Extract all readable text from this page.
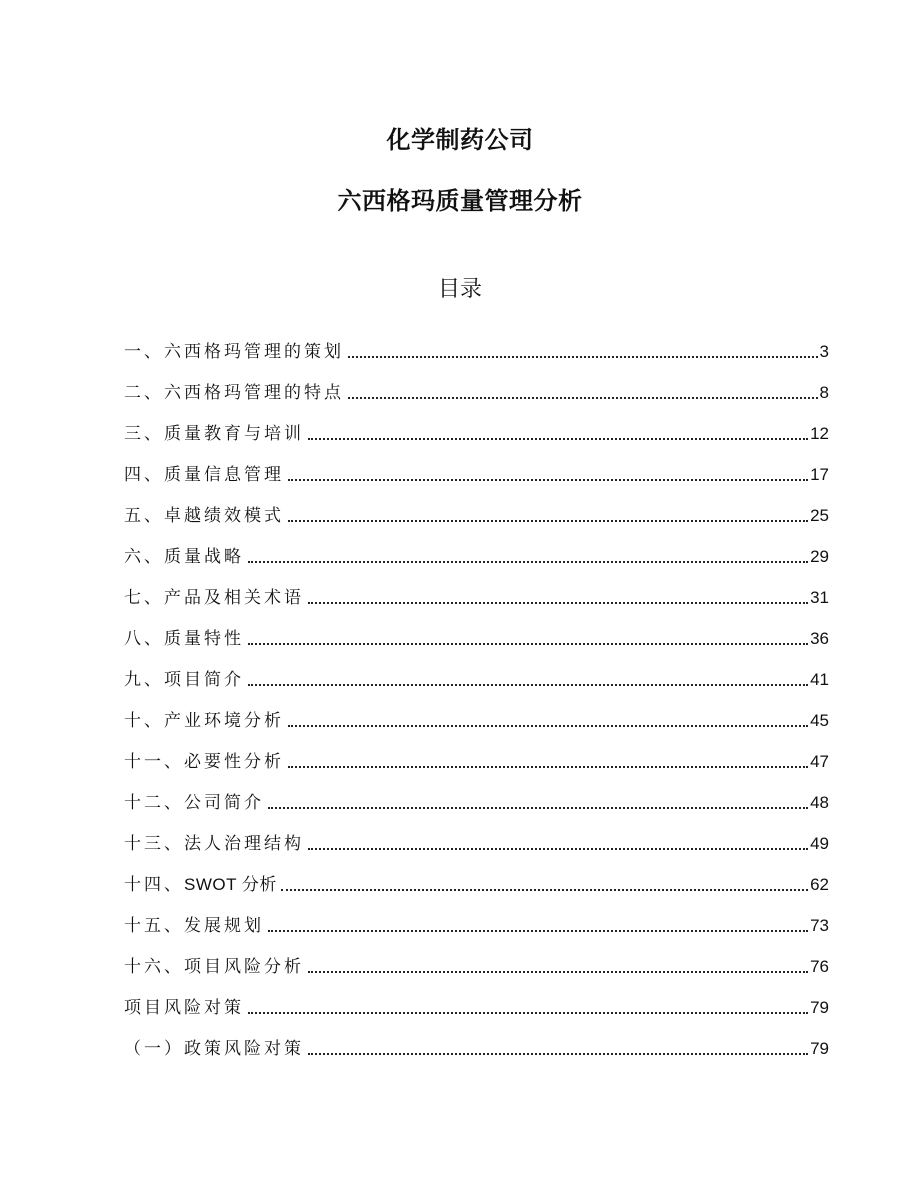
化学制药公司
六西格玛质量管理分析
目录
一、六西格玛管理的策划	3
二、六西格玛管理的特点	8
三、质量教育与培训	12
四、质量信息管理	17
五、卓越绩效模式	25
六、质量战略	29
七、产品及相关术语	31
八、质量特性	36
九、项目简介	41
十、产业环境分析	45
十一、必要性分析	47
十二、公司简介	48
十三、法人治理结构	49
十四、SWOT 分析	62
十五、发展规划	73
十六、项目风险分析	76
项目风险对策	79
（一）政策风险对策	79
